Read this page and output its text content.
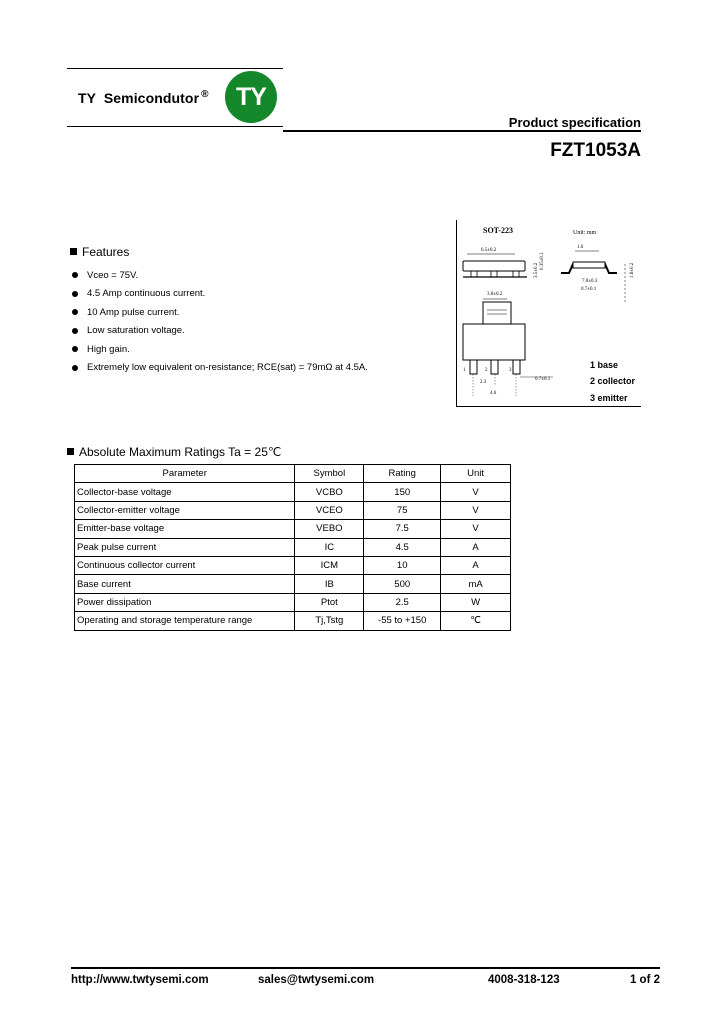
TY  Semicondutor ® TY
Product specification
FZT1053A
Features
Vceo = 75V.
4.5 Amp continuous current.
10 Amp pulse current.
Low saturation voltage.
High gain.
Extremely low equivalent on-resistance; RCE(sat) = 79mΩ at 4.5A.
SOT-223	Unit: mm
6.5±0.2
3.5±0.2
0.35±0.1
1.6
7.0±0.3
0.7±0.1
1.6±0.2
3.0±0.2
1	2	3
2.3
4.6
0.7±0.1
1 base
2 collector
3 emitter
Absolute Maximum Ratings Ta = 25℃
Parameter	Symbol	Rating	Unit
Collector-base voltage	VCBO	150	V
Collector-emitter voltage	VCEO	75	V
Emitter-base voltage	VEBO	7.5	V
Peak pulse current	IC	4.5	A
Continuous collector current	ICM	10	A
Base current	IB	500	mA
Power dissipation	Ptot	2.5	W
Operating and storage temperature range	Tj,Tstg	-55 to +150	℃
http://www.twtysemi.com	sales@twtysemi.com	4008-318-123	1 of 2
